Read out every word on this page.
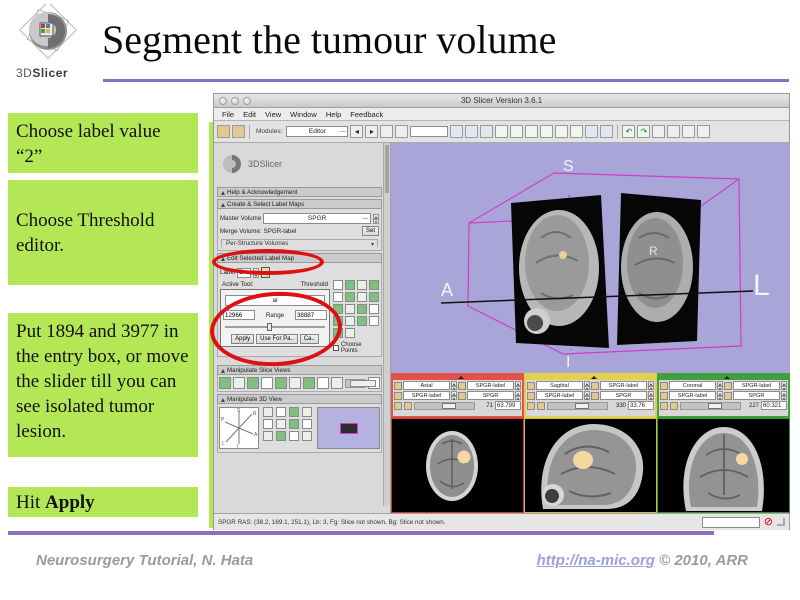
3DSlicer
Segment the tumour volume
Choose label value “2”
Choose Threshold editor.
Put 1894 and 3977 in the entry box, or move the slider till you can see isolated tumor lesion.
Hit Apply
3D Slicer Version 3.6.1
File Edit View Window Help Feedback
Modules:	Editor —	◂	▸	↶	↷
3DSlicer
Help & Acknowledgement
Create & Select Label Maps
Master Volume	SPGR	—
Merge Volume: SPGR-label	Set
Per-Structure Volumes	▾
Edit Selected Label Map
Label
2
Active Tool:	Threshold
al	—
12966
Range
38887
Apply	Use For Pa..	Ca..
Choose Points
Manipulate Slice Views
Manipulate 3D View
S
I
P
A
L
R
S
A	L
I
R
Axial	SPGR-label
SPGR-label	SPGR
71 63.799
Sagittal	SPGR-label
SPGR-label	SPGR
330 33.76
Coronal	SPGR-label
SPGR-label	SPGR
227 60.321
SPGR RAS: (38.2, 169.1, 251.1), Lb: 3, Fg: Slice not shown, Bg: Slice not shown.	⊘
Neurosurgery Tutorial, N. Hata	http://na-mic.org © 2010, ARR
